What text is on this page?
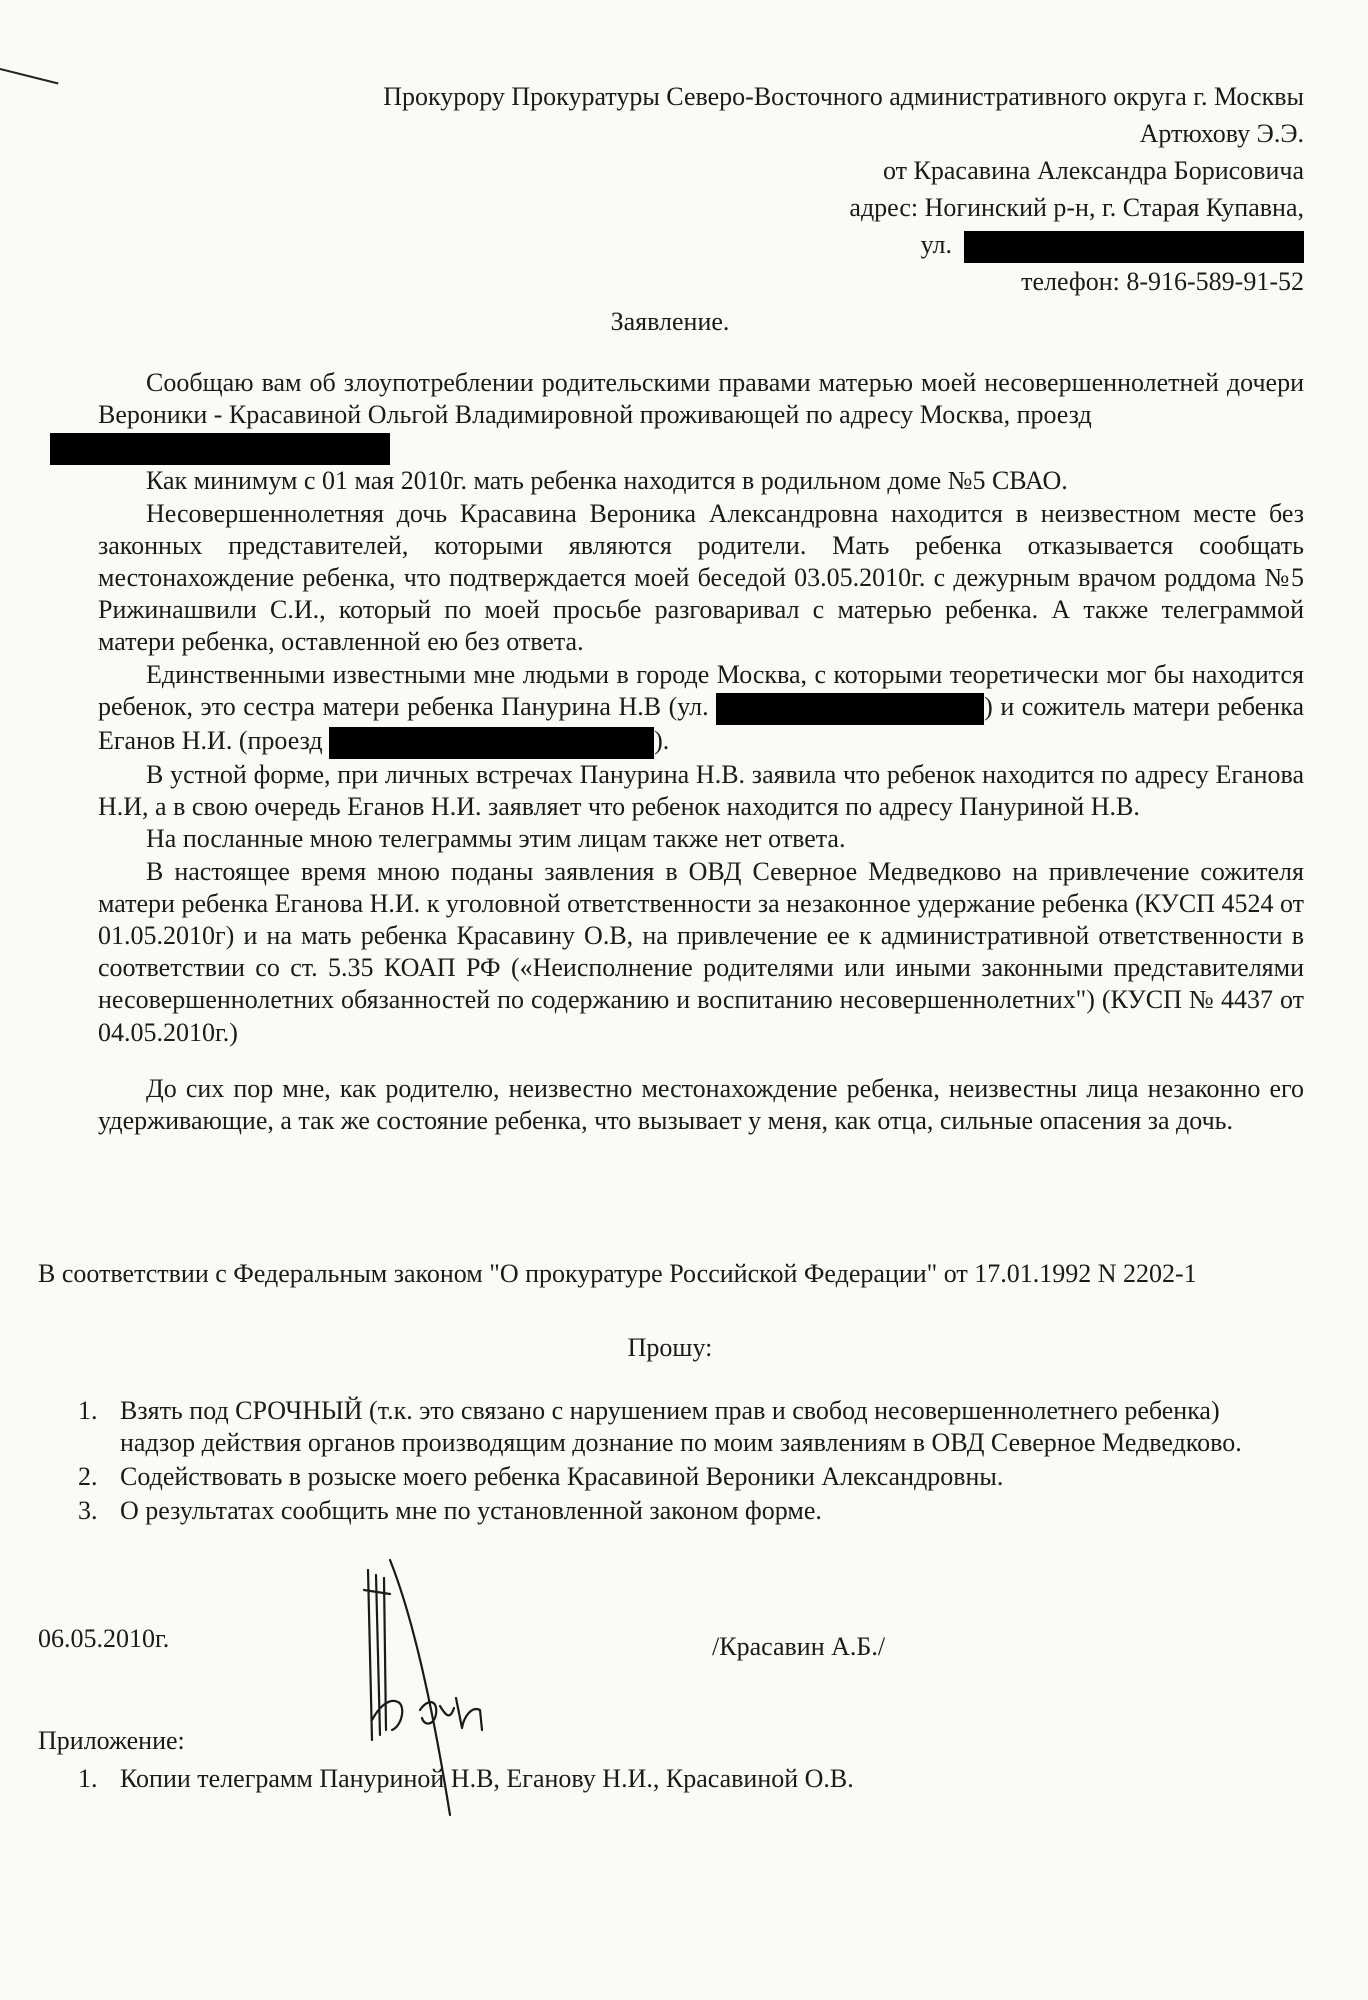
Прокурору Прокуратуры Северо-Восточного административного округа г. Москвы
Артюхову Э.Э.
от Красавина Александра Борисовича
адрес: Ногинский р-н, г. Старая Купавна,
ул.
телефон: 8-916-589-91-52
Заявление.

Сообщаю вам об злоупотреблении родительскими правами матерью моей несовершеннолетней дочери Вероники - Красавиной Ольгой Владимировной проживающей по адресу Москва, проезд

Как минимум с 01 мая 2010г. мать ребенка находится в родильном доме №5 СВАО.

Несовершеннолетняя дочь Красавина Вероника Александровна находится в неизвестном месте без законных представителей, которыми являются родители. Мать ребенка отказывается сообщать местонахождение ребенка, что подтверждается моей беседой 03.05.2010г. с дежурным врачом роддома №5 Рижинашвили С.И., который по моей просьбе разговаривал с матерью ребенка. А также телеграммой матери ребенка, оставленной ею без ответа.

Единственными известными мне людьми в городе Москва, с которыми теоретически мог бы находится ребенок, это сестра матери ребенка Панурина Н.В (ул.	) и сожитель матери ребенка Еганов Н.И. (проезд	).

В устной форме, при личных встречах Панурина Н.В. заявила что ребенок находится по адресу Еганова Н.И, а в свою очередь Еганов Н.И. заявляет что ребенок находится по адресу Пануриной Н.В.

На посланные мною телеграммы этим лицам также нет ответа.

В настоящее время мною поданы заявления в ОВД Северное Медведково на привлечение сожителя матери ребенка Еганова Н.И. к уголовной ответственности за незаконное удержание ребенка (КУСП 4524 от 01.05.2010г) и на мать ребенка Красавину О.В, на привлечение ее к административной ответственности в соответствии со ст. 5.35 КОАП РФ («Неисполнение родителями или иными законными представителями несовершеннолетних обязанностей по содержанию и воспитанию несовершеннолетних") (КУСП № 4437 от 04.05.2010г.)

До сих пор мне, как родителю, неизвестно местонахождение ребенка, неизвестны лица незаконно его удерживающие, а так же состояние ребенка, что вызывает у меня, как отца, сильные опасения за дочь.

В соответствии с Федеральным законом "О прокуратуре Российской Федерации" от 17.01.1992 N 2202-1
Прошу:
1. Взять под СРОЧНЫЙ (т.к. это связано с нарушением прав и свобод несовершеннолетнего ребенка) надзор действия органов производящим дознание по моим заявлениям в ОВД Северное Медведково.
2. Содействовать в розыске моего ребенка Красавиной Вероники Александровны.
3. О результатах сообщить мне по установленной законом форме.
06.05.2010г.	/Красавин А.Б./
Приложение:
1. Копии телеграмм Пануриной Н.В, Еганову Н.И., Красавиной О.В.
